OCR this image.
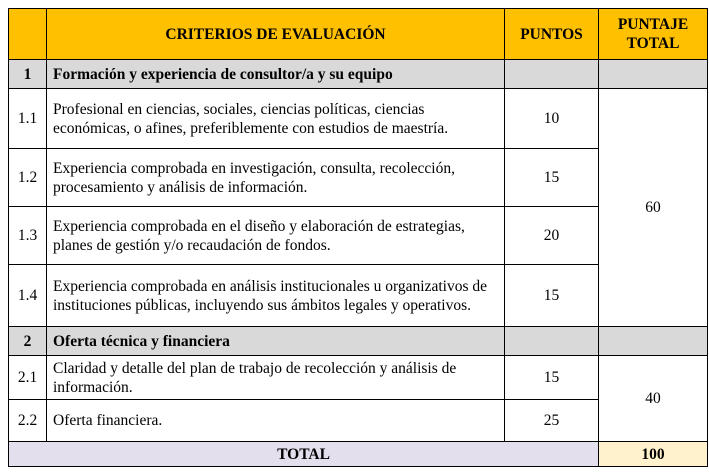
	CRITERIOS DE EVALUACIÓN	PUNTOS	PUNTAJE TOTAL
1	Formación y experiencia de consultor/a y su equipo		
1.1	Profesional en ciencias, sociales, ciencias políticas, ciencias económicas, o afines, preferiblemente con estudios de maestría.	10	60
1.2	Experiencia comprobada en investigación, consulta, recolección, procesamiento y análisis de información.	15	
1.3	Experiencia comprobada en el diseño y elaboración de estrategias, planes de gestión y/o recaudación de fondos.	20	
1.4	Experiencia comprobada en análisis institucionales u organizativos de instituciones públicas, incluyendo sus ámbitos legales y operativos.	15	
2	Oferta técnica y financiera		
2.1	Claridad y detalle del plan de trabajo de recolección y análisis de información.	15	40
2.2	Oferta financiera.	25	
TOTAL			100
